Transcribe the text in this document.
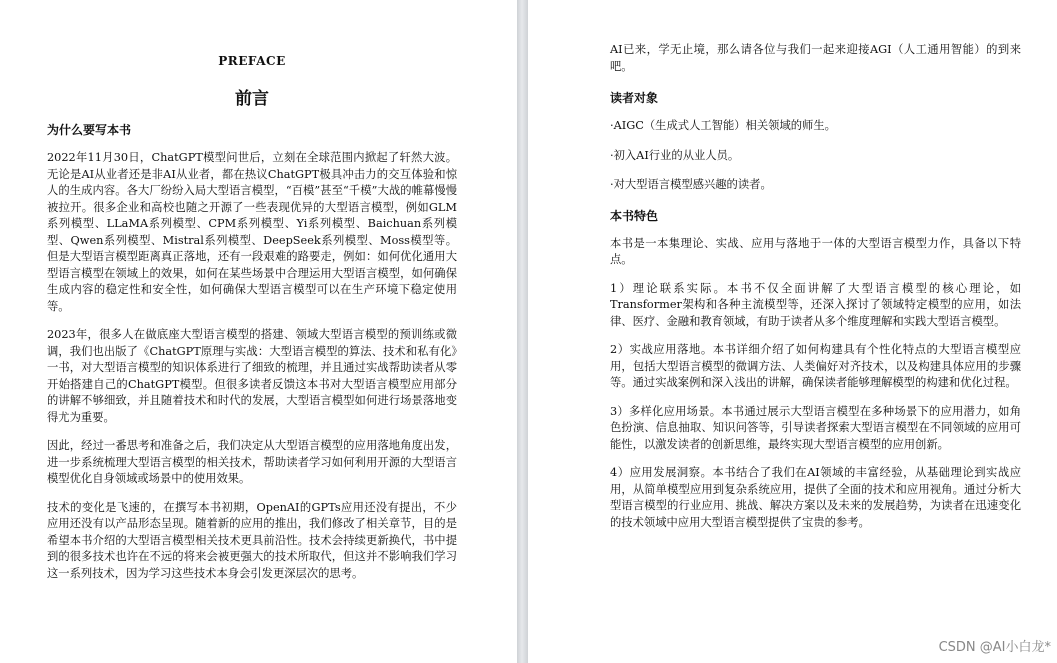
PREFACE
前言
为什么要写本书

2022年11月30日，ChatGPT模型问世后，立刻在全球范围内掀起了轩然大波。无论是AI从业者还是非AI从业者，都在热议ChatGPT极具冲击力的交互体验和惊人的生成内容。各大厂纷纷入局大型语言模型，“百模”甚至“千模”大战的帷幕慢慢被拉开。很多企业和高校也随之开源了一些表现优异的大型语言模型，例如GLM系列模型、LLaMA系列模型、CPM系列模型、Yi系列模型、Baichuan系列模型、Qwen系列模型、Mistral系列模型、DeepSeek系列模型、Moss模型等。但是大型语言模型距离真正落地，还有一段艰难的路要走，例如：如何优化通用大型语言模型在领域上的效果，如何在某些场景中合理运用大型语言模型，如何确保生成内容的稳定性和安全性，如何确保大型语言模型可以在生产环境下稳定使用等。

2023年，很多人在做底座大型语言模型的搭建、领域大型语言模型的预训练或微调，我们也出版了《ChatGPT原理与实战：大型语言模型的算法、技术和私有化》一书，对大型语言模型的知识体系进行了细致的梳理，并且通过实战帮助读者从零开始搭建自己的ChatGPT模型。但很多读者反馈这本书对大型语言模型应用部分的讲解不够细致，并且随着技术和时代的发展，大型语言模型如何进行场景落地变得尤为重要。

因此，经过一番思考和准备之后，我们决定从大型语言模型的应用落地角度出发，进一步系统梳理大型语言模型的相关技术，帮助读者学习如何利用开源的大型语言模型优化自身领域或场景中的使用效果。

技术的变化是飞速的，在撰写本书初期，OpenAI的GPTs应用还没有提出，不少应用还没有以产品形态呈现。随着新的应用的推出，我们修改了相关章节，目的是希望本书介绍的大型语言模型相关技术更具前沿性。技术会持续更新换代，书中提到的很多技术也许在不远的将来会被更强大的技术所取代，但这并不影响我们学习这一系列技术，因为学习这些技术本身会引发更深层次的思考。

AI已来，学无止境，那么请各位与我们一起来迎接AGI（人工通用智能）的到来吧。

读者对象

·AIGC（生成式人工智能）相关领域的师生。

·初入AI行业的从业人员。

·对大型语言模型感兴趣的读者。

本书特色

本书是一本集理论、实战、应用与落地于一体的大型语言模型力作，具备以下特点。

1）理论联系实际。本书不仅全面讲解了大型语言模型的核心理论，如Transformer架构和各种主流模型等，还深入探讨了领域特定模型的应用，如法律、医疗、金融和教育领域，有助于读者从多个维度理解和实践大型语言模型。

2）实战应用落地。本书详细介绍了如何构建具有个性化特点的大型语言模型应用，包括大型语言模型的微调方法、人类偏好对齐技术，以及构建具体应用的步骤等。通过实战案例和深入浅出的讲解，确保读者能够理解模型的构建和优化过程。

3）多样化应用场景。本书通过展示大型语言模型在多种场景下的应用潜力，如角色扮演、信息抽取、知识问答等，引导读者探索大型语言模型在不同领域的应用可能性，以激发读者的创新思维，最终实现大型语言模型的应用创新。

4）应用发展洞察。本书结合了我们在AI领域的丰富经验，从基础理论到实战应用，从简单模型应用到复杂系统应用，提供了全面的技术和应用视角。通过分析大型语言模型的行业应用、挑战、解决方案以及未来的发展趋势，为读者在迅速变化的技术领域中应用大型语言模型提供了宝贵的参考。

CSDN @AI小白龙*
